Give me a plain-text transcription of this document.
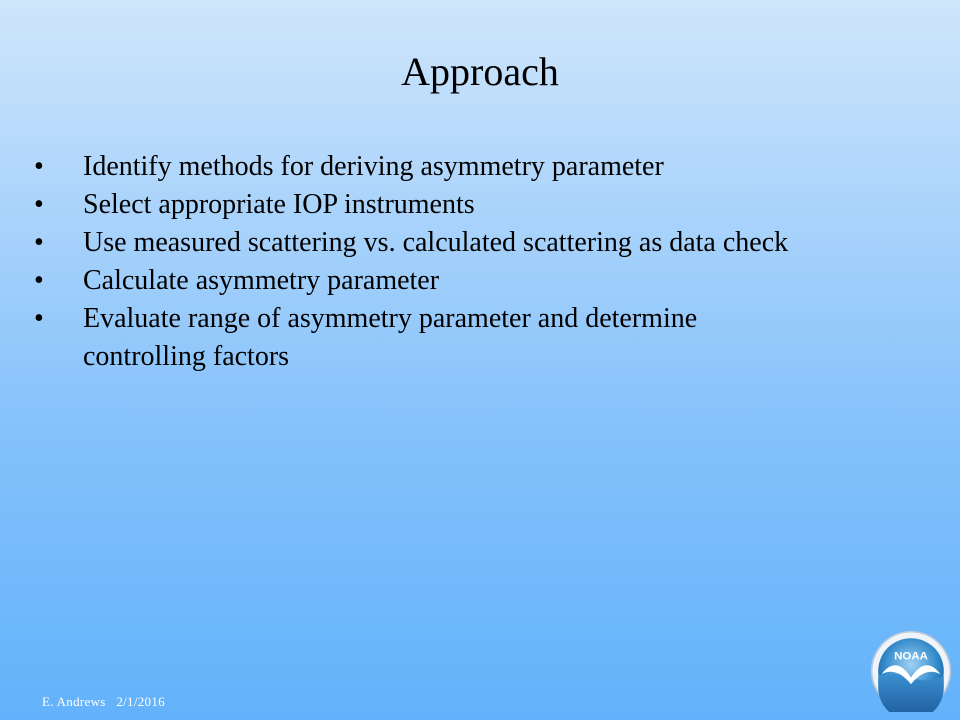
Approach
•	Identify methods for deriving asymmetry parameter
•	Select appropriate IOP instruments
•	Use measured scattering vs. calculated scattering as data check
•	Calculate asymmetry parameter
•	Evaluate range of asymmetry parameter and determine controlling factors
E. Andrews 2/1/2016
NOAA
